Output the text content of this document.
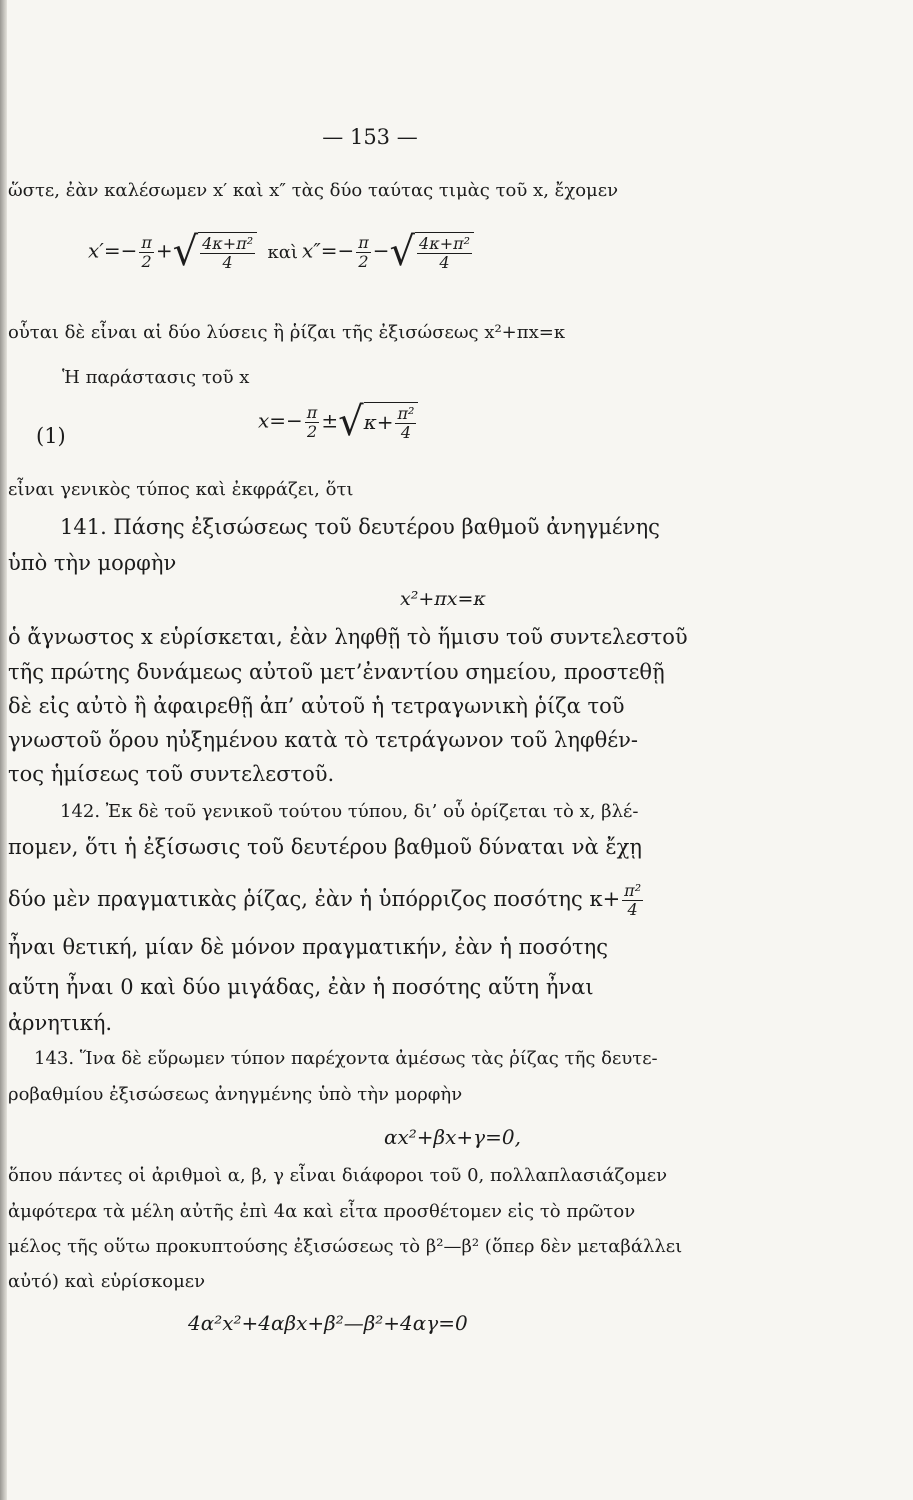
— 153 —
ὥστε, ἐὰν καλέσωμεν x′ καὶ x″ τὰς δύο ταύτας τιμὰς τοῦ x, ἔχομεν
$x'=- \frac{\pi}{2}$ +√ $\frac{\text{4κ+π²}}{4}$ καὶ $x''=- \frac{\pi}{2}$ −√ $\frac{\text{4κ+π²}}{4}$
οὗται δὲ εἶναι αἱ δύο λύσεις ἢ ῥίζαι τῆς ἐξισώσεως x²+πx=κ
Ἡ παράστασις τοῦ x
(1)
$x=- \frac{\pi}{2} \pm√\kappa+ \frac{\text{π²}}{4}$
εἶναι γενικὸς τύπος καὶ ἐκφράζει, ὅτι
141. Πάσης ἐξισώσεως τοῦ δευτέρου βαθμοῦ ἀνηγμένης
ὑπὸ τὴν μορφὴν
x²+πx=κ
ὁ ἄγνωστος x εὑρίσκεται, ἐὰν ληφθῇ τὸ ἥμισυ τοῦ συντελεστοῦ
τῆς πρώτης δυνάμεως αὐτοῦ μετ’ἐναντίου σημείου, προστεθῇ
δὲ εἰς αὐτὸ ἢ ἀφαιρεθῇ ἀπ’ αὐτοῦ ἡ τετραγωνικὴ ῥίζα τοῦ
γνωστοῦ ὅρου ηὐξημένου κατὰ τὸ τετράγωνον τοῦ ληφθέν-
τος ἡμίσεως τοῦ συντελεστοῦ.
142. Ἐκ δὲ τοῦ γενικοῦ τούτου τύπου, δι’ οὗ ὁρίζεται τὸ x, βλέ-
πομεν, ὅτι ἡ ἐξίσωσις τοῦ δευτέρου βαθμοῦ δύναται νὰ ἔχῃ
δύο μὲν πραγματικὰς ῥίζας, ἐὰν ἡ ὑπόρριζος ποσότης $\kappa+ \frac{\text{π²}}{4}$
ἦναι θετική, μίαν δὲ μόνον πραγματικήν, ἐὰν ἡ ποσότης
αὕτη ἦναι 0 καὶ δύο μιγάδας, ἐὰν ἡ ποσότης αὕτη ἦναι
ἀρνητική.
143. Ἵνα δὲ εὕρωμεν τύπον παρέχοντα ἀμέσως τὰς ῥίζας τῆς δευτε-
ροβαθμίου ἐξισώσεως ἀνηγμένης ὑπὸ τὴν μορφὴν
αx²+βx+γ=0,
ὅπου πάντες οἱ ἀριθμοὶ α, β, γ εἶναι διάφοροι τοῦ 0, πολλαπλασιάζομεν
ἀμφότερα τὰ μέλη αὐτῆς ἐπὶ 4α καὶ εἶτα προσθέτομεν εἰς τὸ πρῶτον
μέλος τῆς οὕτω προκυπτούσης ἐξισώσεως τὸ β²—β² (ὅπερ δὲν μεταβάλλει
αὐτό) καὶ εὑρίσκομεν
4α²x²+4αβx+β²—β²+4αγ=0
